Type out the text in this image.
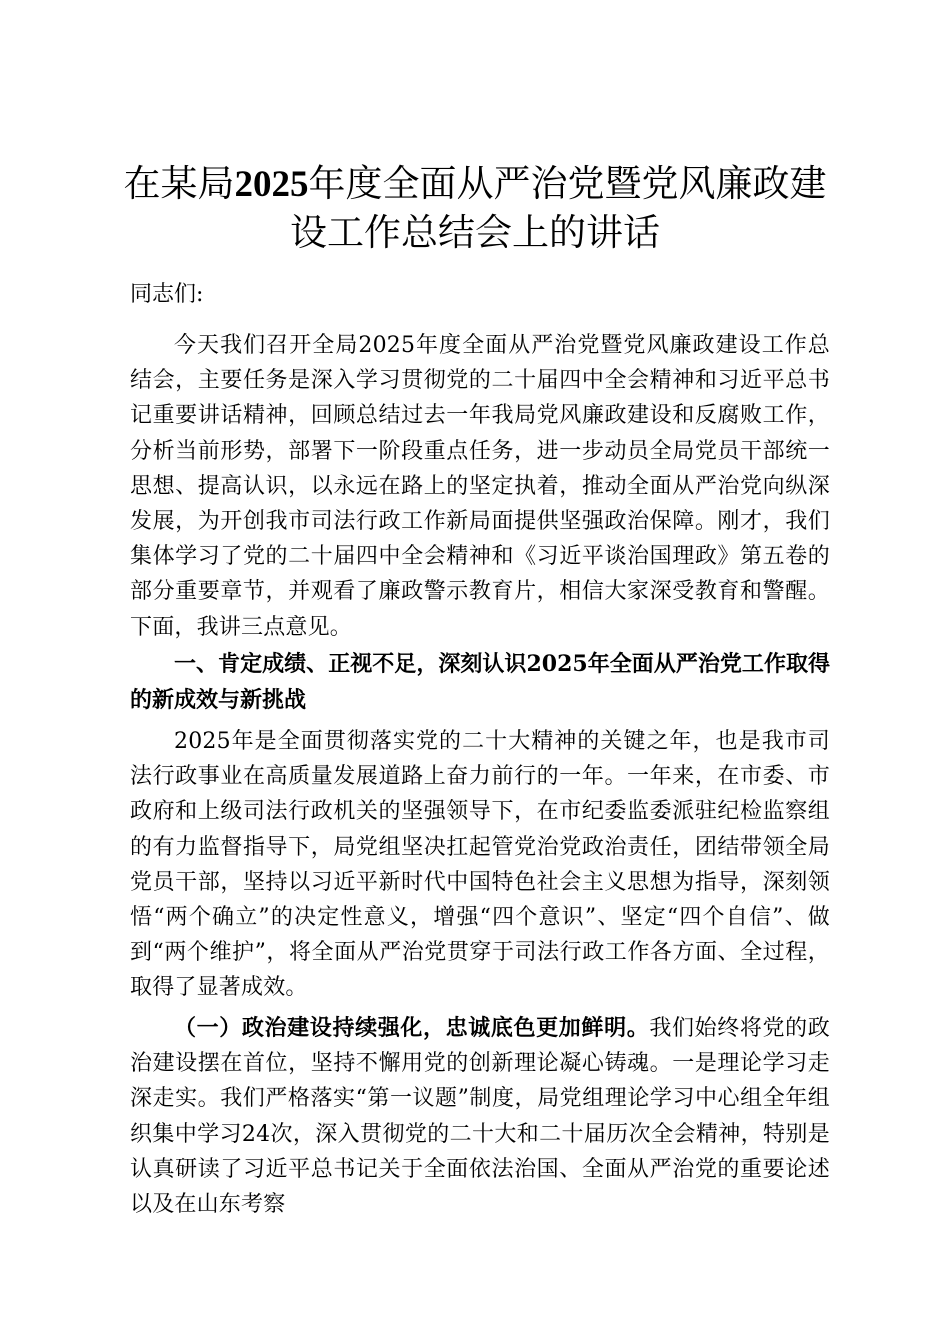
在某局2025年度全面从严治党暨党风廉政建
设工作总结会上的讲话
同志们:

今天我们召开全局2025年度全面从严治党暨党风廉政建设工作总结会，主要任务是深入学习贯彻党的二十届四中全会精神和习近平总书记重要讲话精神，回顾总结过去一年我局党风廉政建设和反腐败工作，分析当前形势，部署下一阶段重点任务，进一步动员全局党员干部统一思想、提高认识，以永远在路上的坚定执着，推动全面从严治党向纵深发展，为开创我市司法行政工作新局面提供坚强政治保障。刚才，我们集体学习了党的二十届四中全会精神和《习近平谈治国理政》第五卷的部分重要章节，并观看了廉政警示教育片，相信大家深受教育和警醒。下面，我讲三点意见。

一、肯定成绩、正视不足，深刻认识2025年全面从严治党工作取得的新成效与新挑战

2025年是全面贯彻落实党的二十大精神的关键之年，也是我市司法行政事业在高质量发展道路上奋力前行的一年。一年来，在市委、市政府和上级司法行政机关的坚强领导下，在市纪委监委派驻纪检监察组的有力监督指导下，局党组坚决扛起管党治党政治责任，团结带领全局党员干部，坚持以习近平新时代中国特色社会主义思想为指导，深刻领悟“两个确立”的决定性意义，增强“四个意识”、坚定“四个自信”、做到“两个维护”，将全面从严治党贯穿于司法行政工作各方面、全过程，取得了显著成效。

（一）政治建设持续强化，忠诚底色更加鲜明。我们始终将党的政治建设摆在首位，坚持不懈用党的创新理论凝心铸魂。一是理论学习走深走实。我们严格落实“第一议题”制度，局党组理论学习中心组全年组织集中学习24次，深入贯彻党的二十大和二十届历次全会精神，特别是认真研读了习近平总书记关于全面依法治国、全面从严治党的重要论述以及在山东考察
